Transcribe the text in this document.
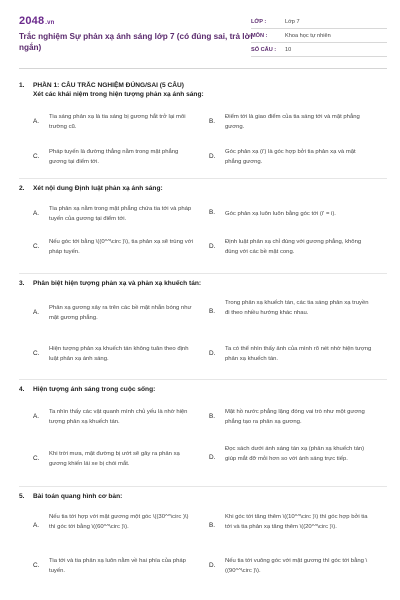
2048.vn
Trắc nghiệm Sự phản xạ ánh sáng lớp 7 (có đúng sai, trả lời ngắn)
LỚP :	Lớp 7
MÔN :	Khoa học tự nhiên
SỐ CÂU :	10
1.	PHẦN 1: CÂU TRẮC NGHIỆM ĐÚNG/SAI (5 CÂU)
Xét các khái niệm trong hiện tượng phản xạ ánh sáng:
A.
Tia sáng phản xạ là tia sáng bị gương hắt trở lại môi trường cũ.
B.
Điểm tới là giao điểm của tia sáng tới và mặt phẳng gương.
C.
Pháp tuyến là đường thẳng nằm trong mặt phẳng gương tại điểm tới.
D.
Góc phản xạ (i') là góc hợp bởi tia phản xạ và mặt phẳng gương.
2.	Xét nội dung Định luật phản xạ ánh sáng:
A.
Tia phản xạ nằm trong mặt phẳng chứa tia tới và pháp tuyến của gương tại điểm tới.
B.	Góc phản xạ luôn luôn bằng góc tới (i' = i).
C.
Nếu góc tới bằng \((0^^\circ )\), tia phản xạ sẽ trùng với pháp tuyến.
D.
Định luật phản xạ chỉ đúng với gương phẳng, không đúng với các bề mặt cong.
3.	Phân biệt hiện tượng phản xạ và phản xạ khuếch tán:
A.
Phản xạ gương xảy ra trên các bề mặt nhẵn bóng như mặt gương phẳng.
B.
Trong phản xạ khuếch tán, các tia sáng phản xạ truyền đi theo nhiều hướng khác nhau.
C.
Hiện tượng phản xạ khuếch tán không tuân theo định luật phản xạ ánh sáng.
D.
Ta có thể nhìn thấy ảnh của mình rõ nét nhờ hiện tượng phản xạ khuếch tán.
4.	Hiện tượng ánh sáng trong cuộc sống:
A.
Ta nhìn thấy các vật quanh mình chủ yếu là nhờ hiện tượng phản xạ khuếch tán.
B.
Mặt hồ nước phẳng lặng đóng vai trò như một gương phẳng tạo ra phản xạ gương.
C.
Khi trời mưa, mặt đường bị ướt sẽ gây ra phản xạ gương khiến lái xe bị chói mắt.
D.
Đọc sách dưới ánh sáng tán xạ (phản xạ khuếch tán) giúp mắt đỡ mỏi hơn so với ánh sáng trực tiếp.
5.	Bài toán quang hình cơ bản:
A.
Nếu tia tới hợp với mặt gương một góc \((30^^\circ )\) thì góc tới bằng \((60^^\circ )\).	B.
Khi góc tới tăng thêm \((10^^\circ )\) thì góc hợp bởi tia tới và tia phản xạ tăng thêm \((20^^\circ )\).
C.
Tia tới và tia phản xạ luôn nằm về hai phía của pháp tuyến.
D.
Nếu tia tới vuông góc với mặt gương thì góc tới bằng \((90^^\circ )\).
